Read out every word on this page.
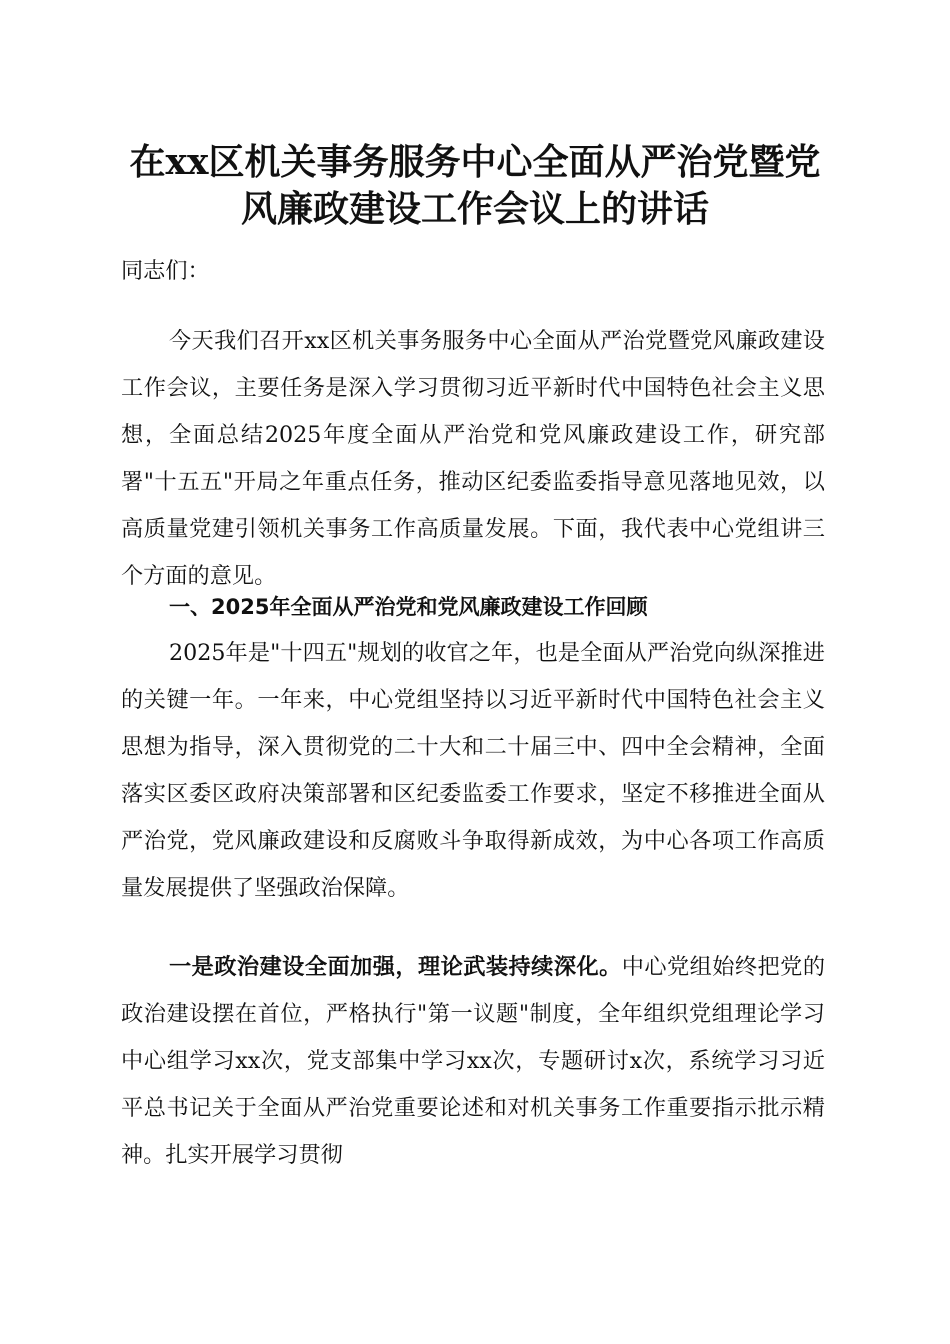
在xx区机关事务服务中心全面从严治党暨党
风廉政建设工作会议上的讲话
同志们：

今天我们召开xx区机关事务服务中心全面从严治党暨党风廉政建设工作会议，主要任务是深入学习贯彻习近平新时代中国特色社会主义思想，全面总结2025年度全面从严治党和党风廉政建设工作，研究部署"十五五"开局之年重点任务，推动区纪委监委指导意见落地见效，以高质量党建引领机关事务工作高质量发展。下面，我代表中心党组讲三个方面的意见。

一、2025年全面从严治党和党风廉政建设工作回顾

2025年是"十四五"规划的收官之年，也是全面从严治党向纵深推进的关键一年。一年来，中心党组坚持以习近平新时代中国特色社会主义思想为指导，深入贯彻党的二十大和二十届三中、四中全会精神，全面落实区委区政府决策部署和区纪委监委工作要求，坚定不移推进全面从严治党，党风廉政建设和反腐败斗争取得新成效，为中心各项工作高质量发展提供了坚强政治保障。

一是政治建设全面加强，理论武装持续深化。中心党组始终把党的政治建设摆在首位，严格执行"第一议题"制度，全年组织党组理论学习中心组学习xx次，党支部集中学习xx次，专题研讨x次，系统学习习近平总书记关于全面从严治党重要论述和对机关事务工作重要指示批示精神。扎实开展学习贯彻
